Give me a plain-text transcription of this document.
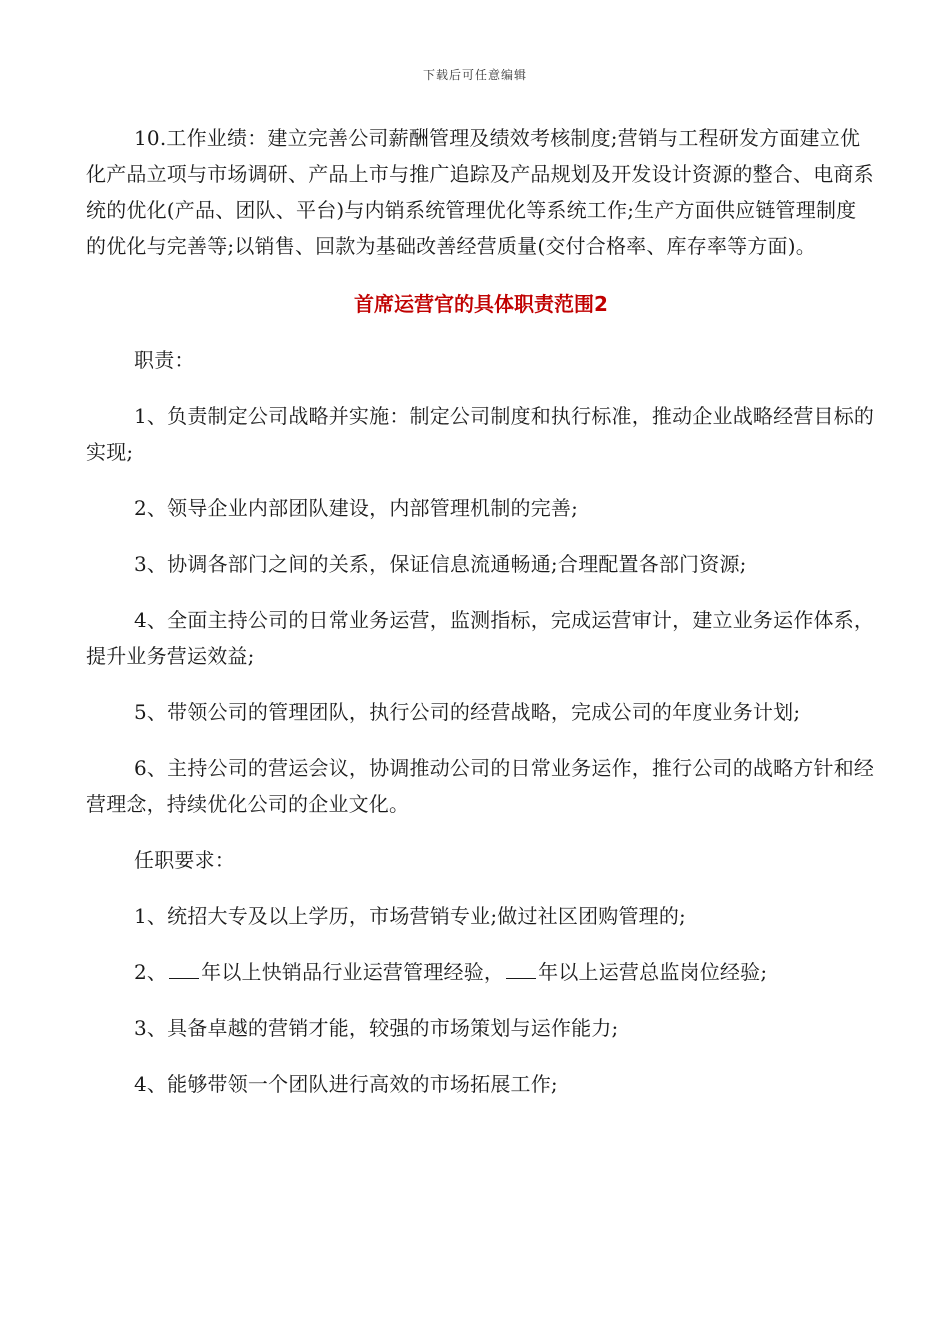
下载后可任意编辑

10.工作业绩：建立完善公司薪酬管理及绩效考核制度;营销与工程研发方面建立优化产品立项与市场调研、产品上市与推广追踪及产品规划及开发设计资源的整合、电商系统的优化(产品、团队、平台)与内销系统管理优化等系统工作;生产方面供应链管理制度的优化与完善等;以销售、回款为基础改善经营质量(交付合格率、库存率等方面)。

首席运营官的具体职责范围2

职责：

1、负责制定公司战略并实施：制定公司制度和执行标准，推动企业战略经营目标的实现;

2、领导企业内部团队建设，内部管理机制的完善;

3、协调各部门之间的关系，保证信息流通畅通;合理配置各部门资源;

4、全面主持公司的日常业务运营，监测指标，完成运营审计，建立业务运作体系，提升业务营运效益;

5、带领公司的管理团队，执行公司的经营战略，完成公司的年度业务计划;

6、主持公司的营运会议，协调推动公司的日常业务运作，推行公司的战略方针和经营理念，持续优化公司的企业文化。

任职要求：

1、统招大专及以上学历，市场营销专业;做过社区团购管理的;

2、 年以上快销品行业运营管理经验， 年以上运营总监岗位经验;

3、具备卓越的营销才能，较强的市场策划与运作能力;

4、能够带领一个团队进行高效的市场拓展工作;
